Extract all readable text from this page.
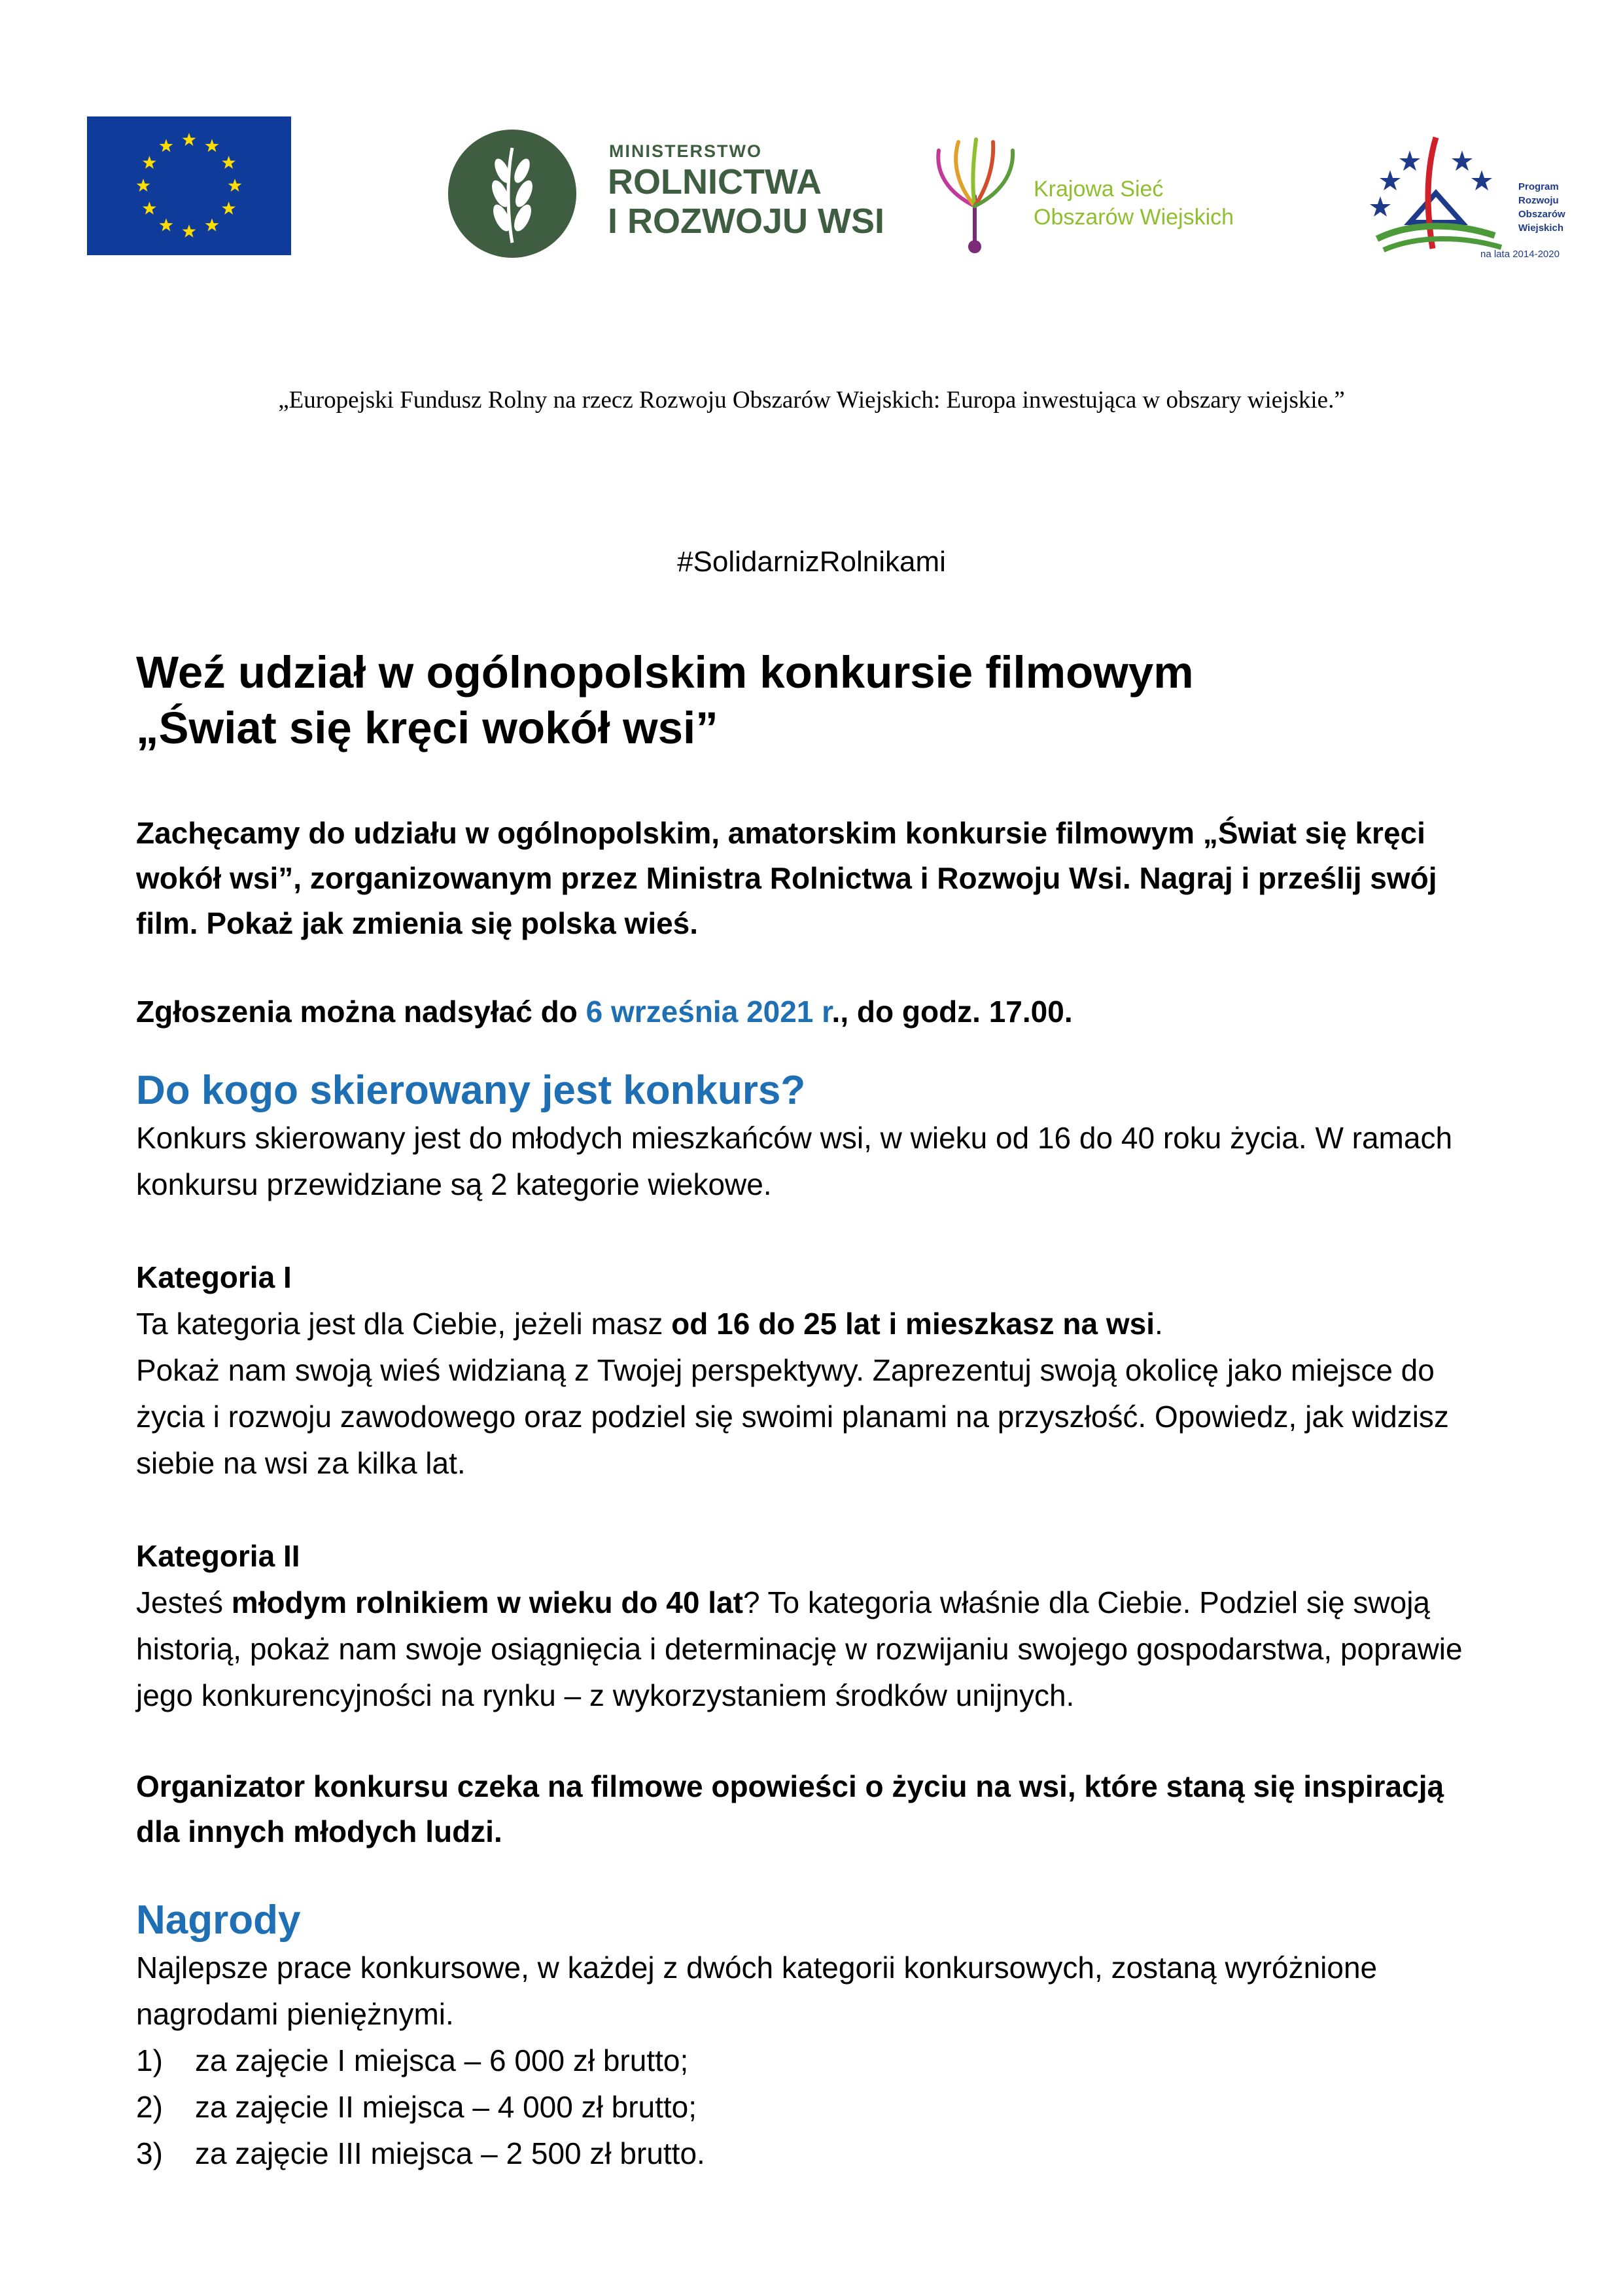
MINISTERSTWO
ROLNICTWA
I ROZWOJU WSI
Krajowa Sieć
Obszarów Wiejskich
Program
Rozwoju
Obszarów
Wiejskich
na lata 2014-2020
„Europejski Fundusz Rolny na rzecz Rozwoju Obszarów Wiejskich: Europa inwestująca w obszary wiejskie.”
#SolidarnizRolnikami
Weź udział w ogólnopolskim konkursie filmowym
„Świat się kręci wokół wsi”

Zachęcamy do udziału w ogólnopolskim, amatorskim konkursie filmowym „Świat się kręci wokół wsi”, zorganizowanym przez Ministra Rolnictwa i Rozwoju Wsi. Nagraj i prześlij swój film. Pokaż jak zmienia się polska wieś.

Zgłoszenia można nadsyłać do 6 września 2021 r., do godz. 17.00.

Do kogo skierowany jest konkurs?

Konkurs skierowany jest do młodych mieszkańców wsi, w wieku od 16 do 40 roku życia. W ramach konkursu przewidziane są 2 kategorie wiekowe.

Kategoria I

Ta kategoria jest dla Ciebie, jeżeli masz od 16 do 25 lat i mieszkasz na wsi.

Pokaż nam swoją wieś widzianą z Twojej perspektywy. Zaprezentuj swoją okolicę jako miejsce do życia i rozwoju zawodowego oraz podziel się swoimi planami na przyszłość. Opowiedz, jak widzisz siebie na wsi za kilka lat.

Kategoria II

Jesteś młodym rolnikiem w wieku do 40 lat? To kategoria właśnie dla Ciebie. Podziel się swoją historią, pokaż nam swoje osiągnięcia i determinację w rozwijaniu swojego gospodarstwa, poprawie jego konkurencyjności na rynku – z wykorzystaniem środków unijnych.

Organizator konkursu czeka na filmowe opowieści o życiu na wsi, które staną się inspiracją dla innych młodych ludzi.

Nagrody

Najlepsze prace konkursowe, w każdej z dwóch kategorii konkursowych, zostaną wyróżnione nagrodami pieniężnymi.

1)	za zajęcie I miejsca – 6 000 zł brutto;
2)	za zajęcie II miejsca – 4 000 zł brutto;
3)	za zajęcie III miejsca – 2 500 zł brutto.
